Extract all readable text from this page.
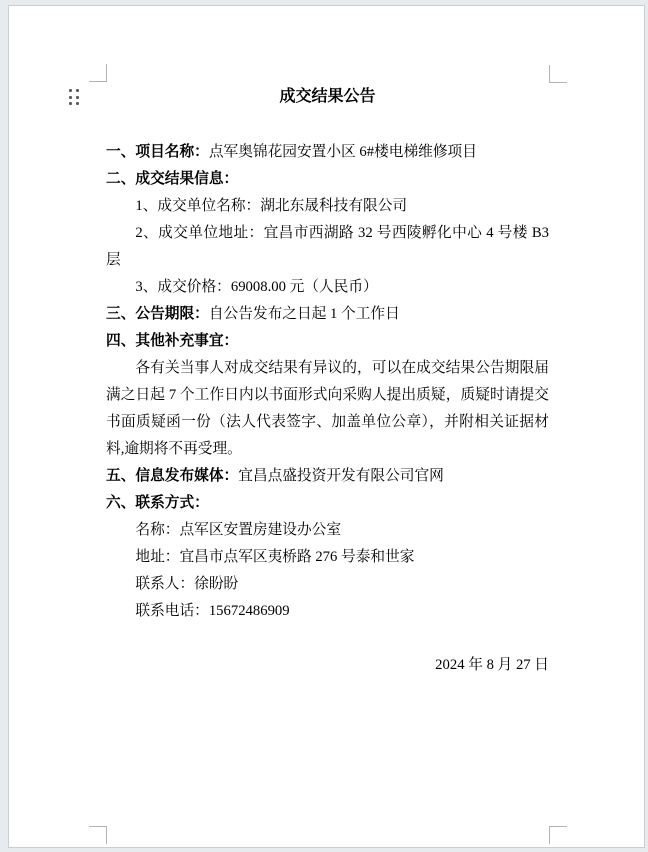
成交结果公告

一、项目名称：点军奥锦花园安置小区 6#楼电梯维修项目

二、成交结果信息：

1、成交单位名称：湖北东晟科技有限公司

2、成交单位地址：宜昌市西湖路 32 号西陵孵化中心 4 号楼 B3层

3、成交价格：69008.00 元（人民币）

三、公告期限：自公告发布之日起 1 个工作日

四、其他补充事宜：

各有关当事人对成交结果有异议的，可以在成交结果公告期限届满之日起 7 个工作日内以书面形式向采购人提出质疑，质疑时请提交书面质疑函一份（法人代表签字、加盖单位公章），并附相关证据材料,逾期将不再受理。

五、信息发布媒体：宜昌点盛投资开发有限公司官网

六、联系方式：

名称：点军区安置房建设办公室

地址：宜昌市点军区夷桥路 276 号泰和世家

联系人：徐盼盼

联系电话：15672486909

2024 年 8 月 27 日
